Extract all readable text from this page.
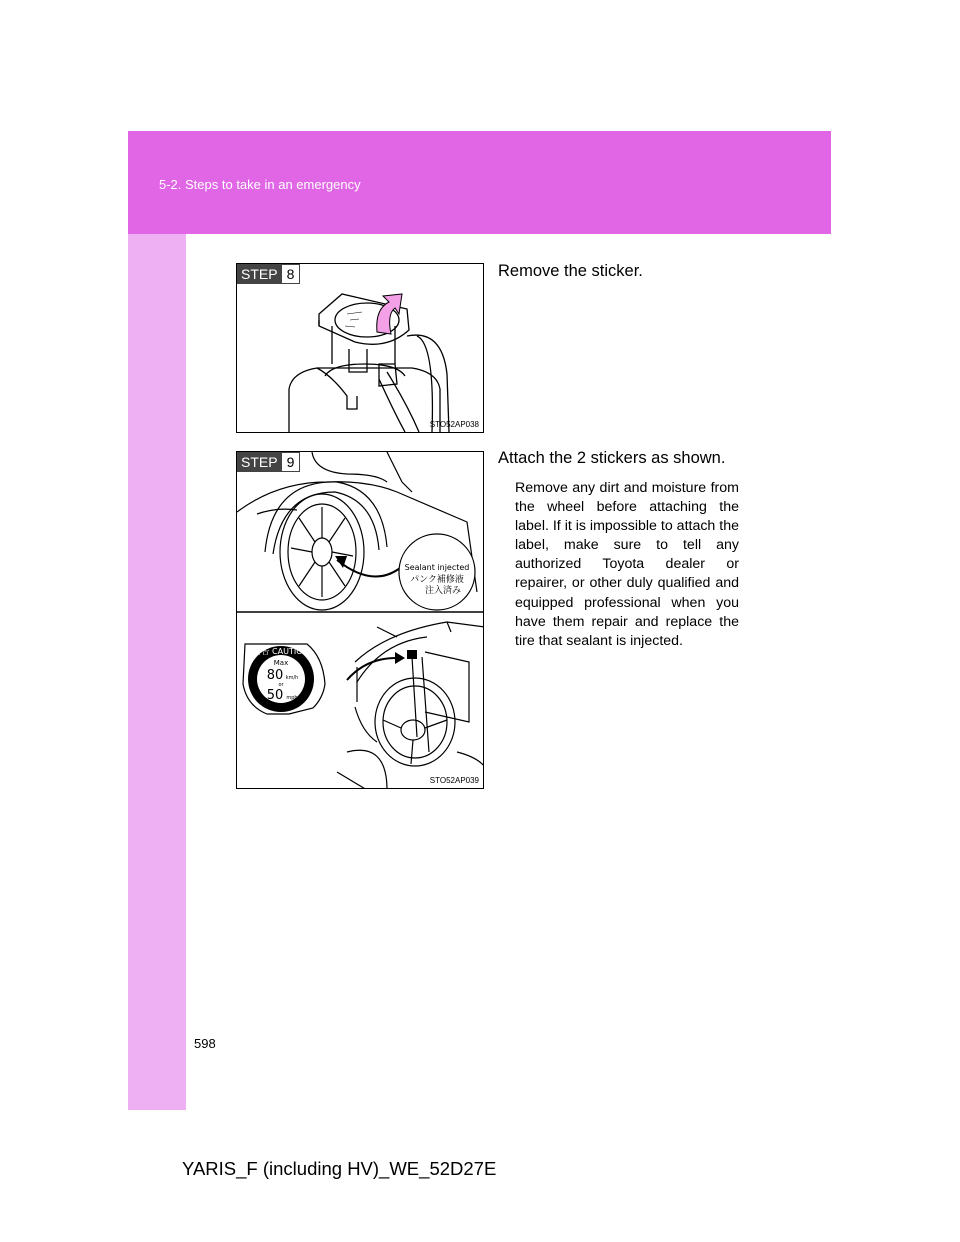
5-2. Steps to take in an emergency
STEP 8
STO52AP038
Remove the sticker.
STEP 9
Sealant injected
パンク補修液
注入済み
警告 CAUTION
Max
80 km/h
or
50 mph
STO52AP039
Attach the 2 stickers as shown.

Remove any dirt and moisture from the wheel before attaching the label. If it is impossible to attach the label, make sure to tell any authorized Toyota dealer or repairer, or other duly qualified and equipped professional when you have them repair and replace the tire that sealant is injected.

598
YARIS_F (including HV)_WE_52D27E
